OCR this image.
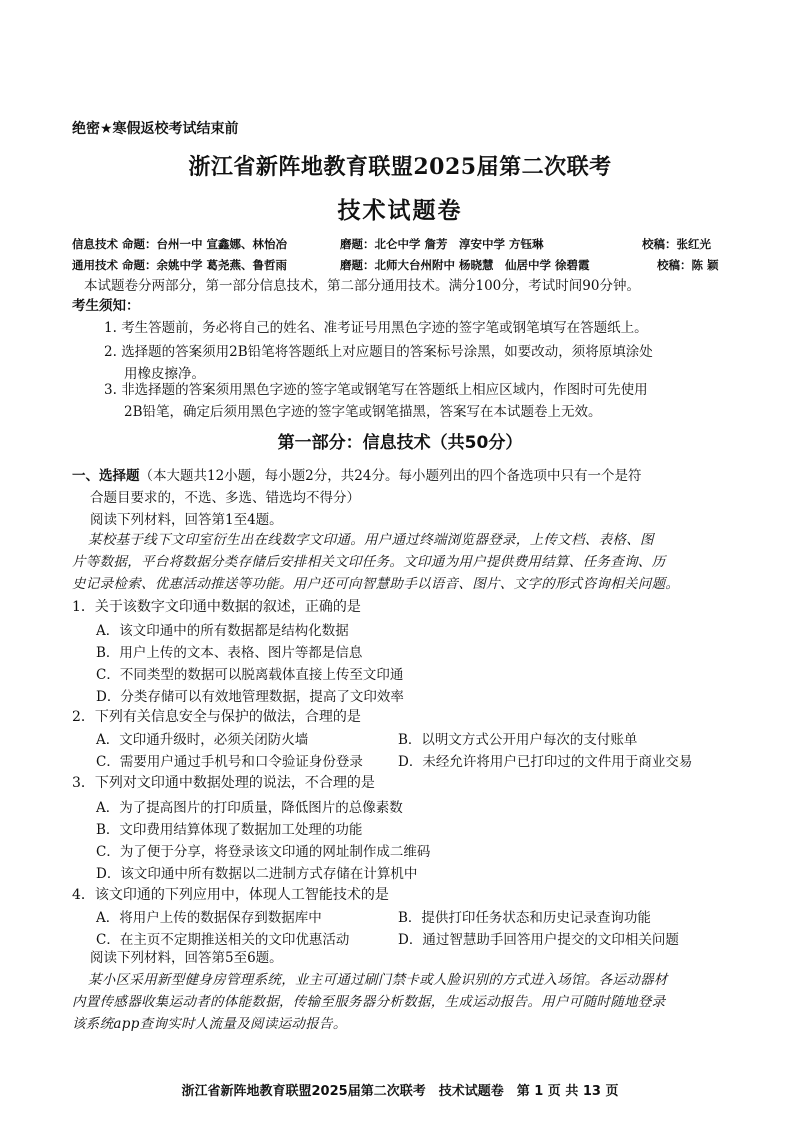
绝密★寒假返校考试结束前
浙江省新阵地教育联盟2025届第二次联考
技术试题卷
信息技术 命题：台州一中 宣鑫娜、林怡冶	磨题：北仑中学 詹芳　淳安中学 方钰琳	校稿：张红光
通用技术 命题：余姚中学 葛尧燕、鲁哲雨	磨题：北师大台州附中 杨晓慧　仙居中学 徐碧霞	校稿：陈 颖
本试题卷分两部分，第一部分信息技术，第二部分通用技术。满分100分，考试时间90分钟。
考生须知：
1. 考生答题前，务必将自己的姓名、准考证号用黑色字迹的签字笔或钢笔填写在答题纸上。
2. 选择题的答案须用2B铅笔将答题纸上对应题目的答案标号涂黑，如要改动，须将原填涂处
用橡皮擦净。
3. 非选择题的答案须用黑色字迹的签字笔或钢笔写在答题纸上相应区域内，作图时可先使用
2B铅笔，确定后须用黑色字迹的签字笔或钢笔描黑，答案写在本试题卷上无效。
第一部分：信息技术（共50分）
一、选择题（本大题共12小题，每小题2分，共24分。每小题列出的四个备选项中只有一个是符
合题目要求的，不选、多选、错选均不得分）
阅读下列材料，回答第1至4题。
某校基于线下文印室衍生出在线数字文印通。用户通过终端浏览器登录，上传文档、表格、图
片等数据，平台将数据分类存储后安排相关文印任务。文印通为用户提供费用结算、任务查询、历
史记录检索、优惠活动推送等功能。用户还可向智慧助手以语音、图片、文字的形式咨询相关问题。
1．关于该数字文印通中数据的叙述，正确的是
A．该文印通中的所有数据都是结构化数据
B．用户上传的文本、表格、图片等都是信息
C．不同类型的数据可以脱离载体直接上传至文印通
D．分类存储可以有效地管理数据，提高了文印效率
2．下列有关信息安全与保护的做法，合理的是
A．文印通升级时，必须关闭防火墙	B．以明文方式公开用户每次的支付账单
C．需要用户通过手机号和口令验证身份登录	D．未经允许将用户已打印过的文件用于商业交易
3．下列对文印通中数据处理的说法，不合理的是
A．为了提高图片的打印质量，降低图片的总像素数
B．文印费用结算体现了数据加工处理的功能
C．为了便于分享，将登录该文印通的网址制作成二维码
D．该文印通中所有数据以二进制方式存储在计算机中
4．该文印通的下列应用中，体现人工智能技术的是
A．将用户上传的数据保存到数据库中	B．提供打印任务状态和历史记录查询功能
C．在主页不定期推送相关的文印优惠活动	D．通过智慧助手回答用户提交的文印相关问题
阅读下列材料，回答第5至6题。
某小区采用新型健身房管理系统，业主可通过刷门禁卡或人脸识别的方式进入场馆。各运动器材
内置传感器收集运动者的体能数据，传输至服务器分析数据，生成运动报告。用户可随时随地登录
该系统app查询实时人流量及阅读运动报告。
浙江省新阵地教育联盟2025届第二次联考　技术试题卷　第 1 页 共 13 页
